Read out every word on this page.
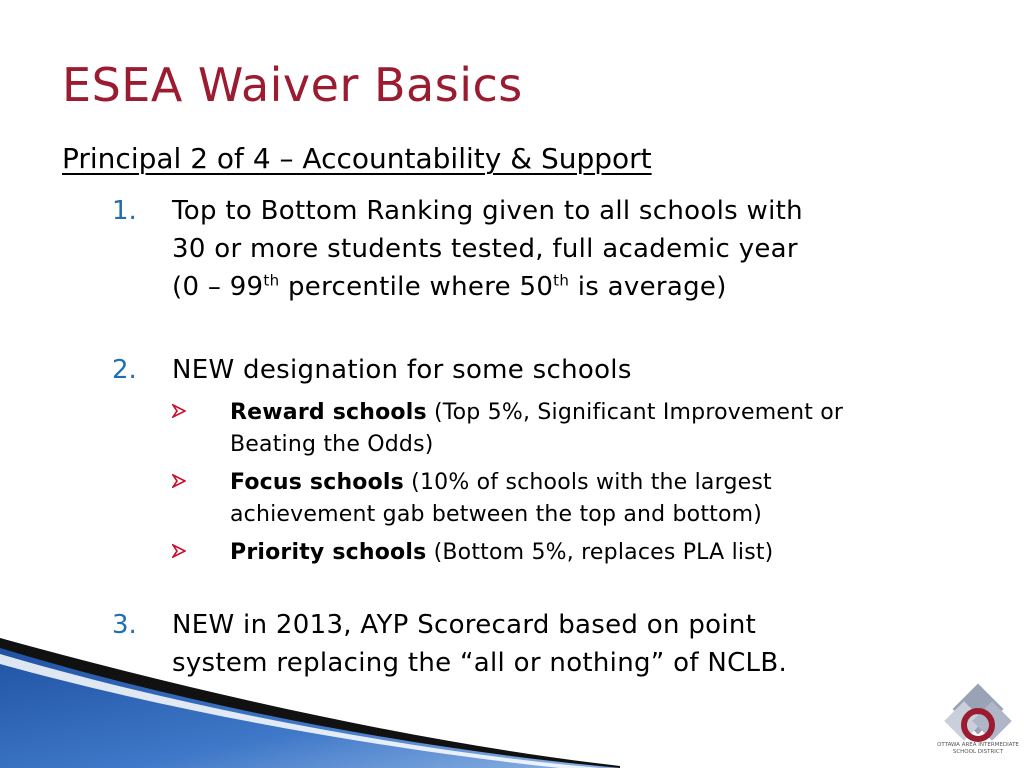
ESEA Waiver Basics
Principal 2 of 4 – Accountability & Support
1. Top to Bottom Ranking given to all schools with
30 or more students tested, full academic year
(0 – 99th percentile where 50th is average)
2. NEW designation for some schools
Reward schools (Top 5%, Significant Improvement or
Beating the Odds)
Focus schools (10% of schools with the largest
achievement gab between the top and bottom)
Priority schools (Bottom 5%, replaces PLA list)
3. NEW in 2013, AYP Scorecard based on point
system replacing the “all or nothing” of NCLB.
OTTAWA AREA INTERMEDIATE
SCHOOL DISTRICT
